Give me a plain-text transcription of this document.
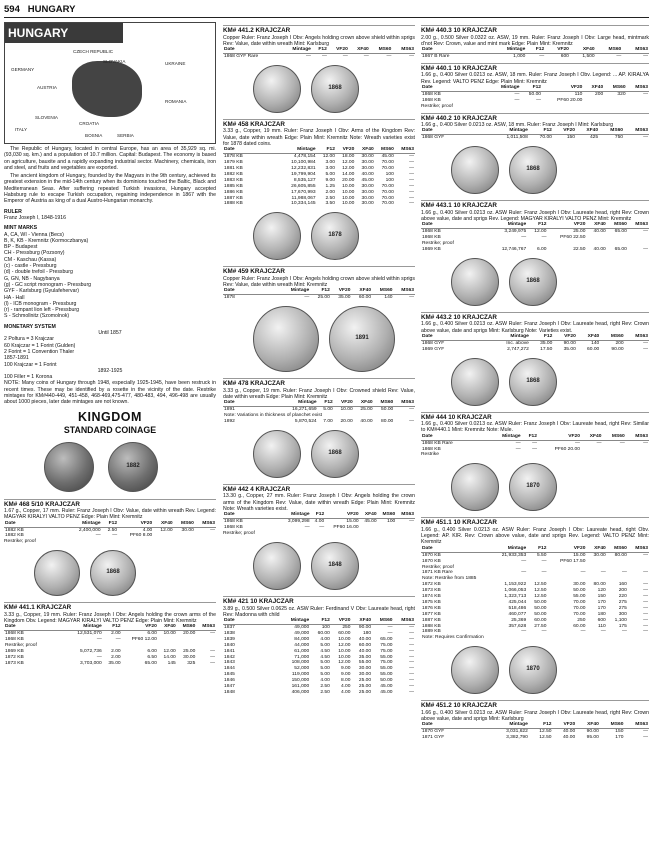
594 HUNGARY
HUNGARY
CZECH REPUBLIC
SLOVAKIA	UKRAINE
GERMANY
AUSTRIA
ROMANIA
SLOVENIA
CROATIA
ITALY
BOSNIA	SERBIA

The Republic of Hungary, located in central Europe, has an area of 35,929 sq. mi. (93,030 sq. km.) and a population of 10.7 million. Capital: Budapest. The economy is based on agriculture, bauxite and a rapidly expanding industrial sector. Machinery, chemicals, iron and steel, and fruits and vegetables are exported.

The ancient kingdom of Hungary, founded by the Magyars in the 9th century, achieved its greatest extension in the mid-14th century when its dominions touched the Baltic, Black and Mediterranean Seas. After suffering repeated Turkish invasions, Hungary accepted Habsburg rule to escape Turkish occupation, regaining independence in 1867 with the Emperor of Austria as king of a dual Austro-Hungarian monarchy.

RULER
Franz Joseph I, 1848-1916
MINT MARKS
A, CA, WI - Vienna (Becs)
B, K, KB - Kremnitz (Kormoczbanya)
BP - Budapest
CH - Pressburg (Pozsony)
CM - Kaschau (Kassa)
(c) - castle - Pressburg
(d) - double trefoil - Pressburg
G, GN, NB - Nagybanya
(g) - GC script monogram - Pressburg
GYF - Karlsburg (Gyulafehervar)
HA - Hall
(l) - ICB monogram - Pressburg
(r) - rampant lion left - Pressburg
S - Schmollnitz (Szomolnok)
MONETARY SYSTEM
Until 1857
2 Poltura = 3 Krajczar
60 Krajczar = 1 Forint (Gulden)
2 Forint = 1 Convention Thaler
1857-1891
100 Krajczar = 1 Forint
1892-1925
100 Filler = 1 Korona
NOTE: Many coins of Hungary through 1948, especially 1925-1945, have been restruck in recent times. These may be identified by a rosette in the vicinity of the date. Restrike mintages for KM#440-449, 451-458, 468-469,475-477, 480-483, 494, 496-498 are usually about 1000 pieces, later date mintages are not known.
KINGDOM
STANDARD COINAGE
1882
KM# 468 5/10 KRAJCZAR
1.67 g., Copper, 17 mm. Ruler: Franz Joseph I Obv: Value, date within wreath Rev. Legend: MAGYAR KIRALYI VALTO PENZ Edge: Plain Mint: Kremnitz
Date	Mintage	F12	VF20	XF40	MS60	MS63
1882 KB	2,400,000	2.50	4.00	12.00	30.00	—
1882 KB	—	—	PF60 8.00			
Restrike; proof
1868
KM# 441.1 KRAJCZAR
3.33 g., Copper, 19 mm. Ruler: Franz Joseph I Obv: Angels holding the crown arms of the Kingdom Obv. Legend: MAGYAR KIRALYI VALTO PENZ Edge: Plain Mint: Kremnitz
Date	Mintage	F12	VF20	XF40	MS60	MS63
1868 KB	12,531,070	2.00	6.00	10.00	20.00	—
1868 KB	—	—	PF60 12.00			
Restrike; proof						
1869 KB	5,072,736	2.00	6.00	12.00	25.00	—
1872 KB	—	2.00	6.50	14.00	30.00	—
1873 KB	3,703,000	35.00	65.00	145	325	—
KM# 441.2 KRAJCZAR
Copper Ruler: Franz Joseph I Obv: Angels holding crown above shield within sprigs Rev: Value, date within wreath Mint: Karlsburg
Date	Mintage	F12	VF20	XF40	MS60	MS63
1868 GYF Rare	—	—	—	—	—	—
1868
KM# 458 KRAJCZAR
3.33 g., Copper, 19 mm. Ruler: Franz Joseph I Obv: Arms of the Kingdom Rev: Value, date within wreath Edge: Plain Mint: Kremnitz Note: Wreath varieties exist for 1878 dated coins.
Date	Mintage	F12	VF20	XF40	MS60	MS63
1878 KB	4,478,154	12.00	18.00	30.00	45.00	—
1879 KB	10,100,984	3.00	12.00	30.00	70.00	—
1881 KB	12,232,831	3.00	12.00	30.00	70.00	—
1882 KB	19,799,904	5.00	14.00	40.00	100	—
1883 KB	8,535,127	9.00	20.00	45.00	100	—
1885 KB	26,605,855	1.25	10.00	30.00	70.00	—
1886 KB	17,670,993	2.00	10.00	30.00	70.00	—
1887 KB	11,988,067	2.50	10.00	30.00	70.00	—
1888 KB	10,334,145	3.50	10.00	30.00	70.00	—
1878
KM# 459 KRAJCZAR
Copper Ruler: Franz Joseph I Obv: Angels holding crown above shield within sprigs Rev: Value, date within wreath Mint: Kremnitz
Date	Mintage	F12	VF20	XF40	MS60	MS63
1878	—	25.00	35.00	60.00	140	—
1891
KM# 478 KRAJCZAR
3.33 g., Copper, 19 mm. Ruler: Franz Joseph I Obv: Crowned shield Rev: Value, date within wreath Edge: Plain Mint: Kremnitz
Date	Mintage	F12	VF20	XF40	MS60	MS63
1891	16,271,659	5.00	10.00	25.00	50.00	—
Note: Variations in thickness of planchet exist						
1892	5,870,524	7.00	20.00	40.00	80.00	—
1868
KM# 442 4 KRAJCZAR
13.30 g., Copper, 27 mm. Ruler: Franz Joseph I Obv: Angels holding the crown arms of the Kingdom Rev: Value, date within wreath Edge: Plain Mint: Kremnitz Note: Wreath varieties exist.
Date	Mintage	F12	VF20	XF40	MS60	MS63
1868 KB	3,099,298	4.00	15.00	45.00	100	—
1868 KB	—	—	PF60 16.00			
Restrike; proof
1848
KM# 421 10 KRAJCZAR
3.89 g., 0.500 Silver 0.0625 oz. ASW Ruler: Ferdinand V Obv: Laureate head, right Rev: Madonna with child
Date	Mintage	F12	VF20	XF40	MS60	MS63
1837	49,000	100	250	90.00	—	—
1838	49,000	60.00	60.00	180	—	—
1839	84,000	4.00	10.00	40.00	65.00	—
1840	44,000	5.00	12.00	60.00	75.00	—
1841	61,000	4.50	10.00	40.00	75.00	—
1842	71,000	4.50	10.00	35.00	55.00	—
1843	108,000	5.00	12.00	55.00	75.00	—
1844	52,000	5.00	9.00	30.00	55.00	—
1845	119,000	5.00	9.00	30.00	55.00	—
1846	150,000	4.00	8.00	25.00	50.00	—
1847	161,000	2.50	4.00	25.00	45.00	—
1848	406,000	2.50	4.00	25.00	45.00	—
KM# 440.3 10 KRAJCZAR
2.00 g., 0.500 Silver 0.0322 oz. ASW, 19 mm. Ruler: Franz Joseph I Obv: Large head, mintmark d'not Rev: Crown, value and mint mark Edge: Plain Mint: Kremnitz
Date	Mintage	F12	VF20	XF40	MS60	MS63
1867 B Rare	1,000	—	600	1,500	—	—
KM# 440.1 10 KRAJCZAR
1.66 g., 0.400 Silver 0.0213 oz. ASW, 18 mm. Ruler: Franz Joseph I Obv. Legend: ... AP. KIRALYA Rev. Legend: VALTO PENZ Edge: Plain Mint: Kremnitz
Date	Mintage	F12	VF20	XF40	MS60	MS63
1868 KB	—	50.00	110	200	320	—
1868 KB	—	—	PF60 20.00			
Restrike; proof
KM# 440.2 10 KRAJCZAR
1.66 g., 0.400 Silver 0.0213 oz. ASW, 18 mm. Ruler: Franz Joseph I Mint: Karlsburg
Date	Mintage	F12	VF20	XF40	MS60	MS63
1868 GYF	1,011,508	70.00	150	425	750	—
1868
KM# 443.1 10 KRAJCZAR
1.66 g., 0.400 Silver 0.0213 oz. ASW Ruler: Franz Joseph I Obv: Laureate head, right Rev: Crown above value, date and sprigs Rev. Legend: MAGYAR KIRALYI VALTO PENZ Mint: Kremnitz
Date	Mintage	F12	VF20	XF40	MS60	MS63
1868 KB	3,249,975	12.00	25.00	40.00	65.00	—
1868 KB	—	—	PF60 22.50			
Restrike; proof						
1869 KB	12,746,767	6.00	22.50	40.00	65.00	—
1868
KM# 443.2 10 KRAJCZAR
1.66 g., 0.400 Silver 0.0213 oz. ASW Ruler: Franz Joseph I Obv: Laureate head, right Rev: Crown above value, date and sprigs Mint: Karlsburg Note: Varieties exist.
Date	Mintage	F12	VF20	XF40	MS60	MS63
1868 GYF	Inc. above	35.00	90.00	140	200	—
1869 GYF	2,747,272	17.50	35.00	60.00	90.00	—
1868
KM# 444 10 KRAJCZAR
1.66 g., 0.400 Silver 0.0213 oz. ASW Ruler: Franz Joseph I Obv: Laureate head, right Rev: Similar to KM#440.1 Mint: Kremnitz Note: Mule.
Date	Mintage	F12	VF20	XF40	MS60	MS63
1868 KB Rare	—	—	—	—	—	—
1868 KB	—	—	PF60 20.00			
Restrike
1870
KM# 451.1 10 KRAJCZAR
1.66 g., 0.400 Silver 0.0213 oz. ASW Ruler: Franz Joseph I Obv: Laureate head, right Obv. Legend: AP. KIR. Rev: Crown above value, date and sprigs Rev. Legend: VALTO PENZ Mint: Kremnitz
Date	Mintage	F12	VF20	XF40	MS60	MS63
1870 KB	21,933,353	5.50	15.00	30.00	80.00	—
1870 KB	—	—	PF60 17.50			
Restrike; proof						
1871 KB Rare	—	—	—	—	—	—
Note: Restrike from 1885						
1872 KB	1,153,922	12.50	30.00	80.00	160	—
1873 KB	1,066,053	12.50	50.00	120	200	—
1874 KB	1,323,713	12.50	55.00	150	220	—
1875 KB	425,044	50.00	70.00	170	275	—
1876 KB	518,486	50.00	70.00	170	275	—
1877 KB	460,077	50.00	70.00	180	300	—
1887 KB	25,369	60.00	250	600	1,100	—
1888 KB	357,628	27.50	60.00	110	175	—
1889 KB	—	—	—	—	—	—
Note: Requires Confirmation						
1870
KM# 451.2 10 KRAJCZAR
1.66 g., 0.400 Silver 0.0213 oz. ASW Ruler: Franz Joseph I Obv: Laureate head, right Rev: Crown above value, date and sprigs Mint: Karlsburg
Date	Mintage	F12	VF20	XF40	MS60	MS63
1870 GYF	3,031,622	12.50	40.00	90.00	150	—
1871 GYF	3,382,790	12.50	40.00	95.00	170	—
